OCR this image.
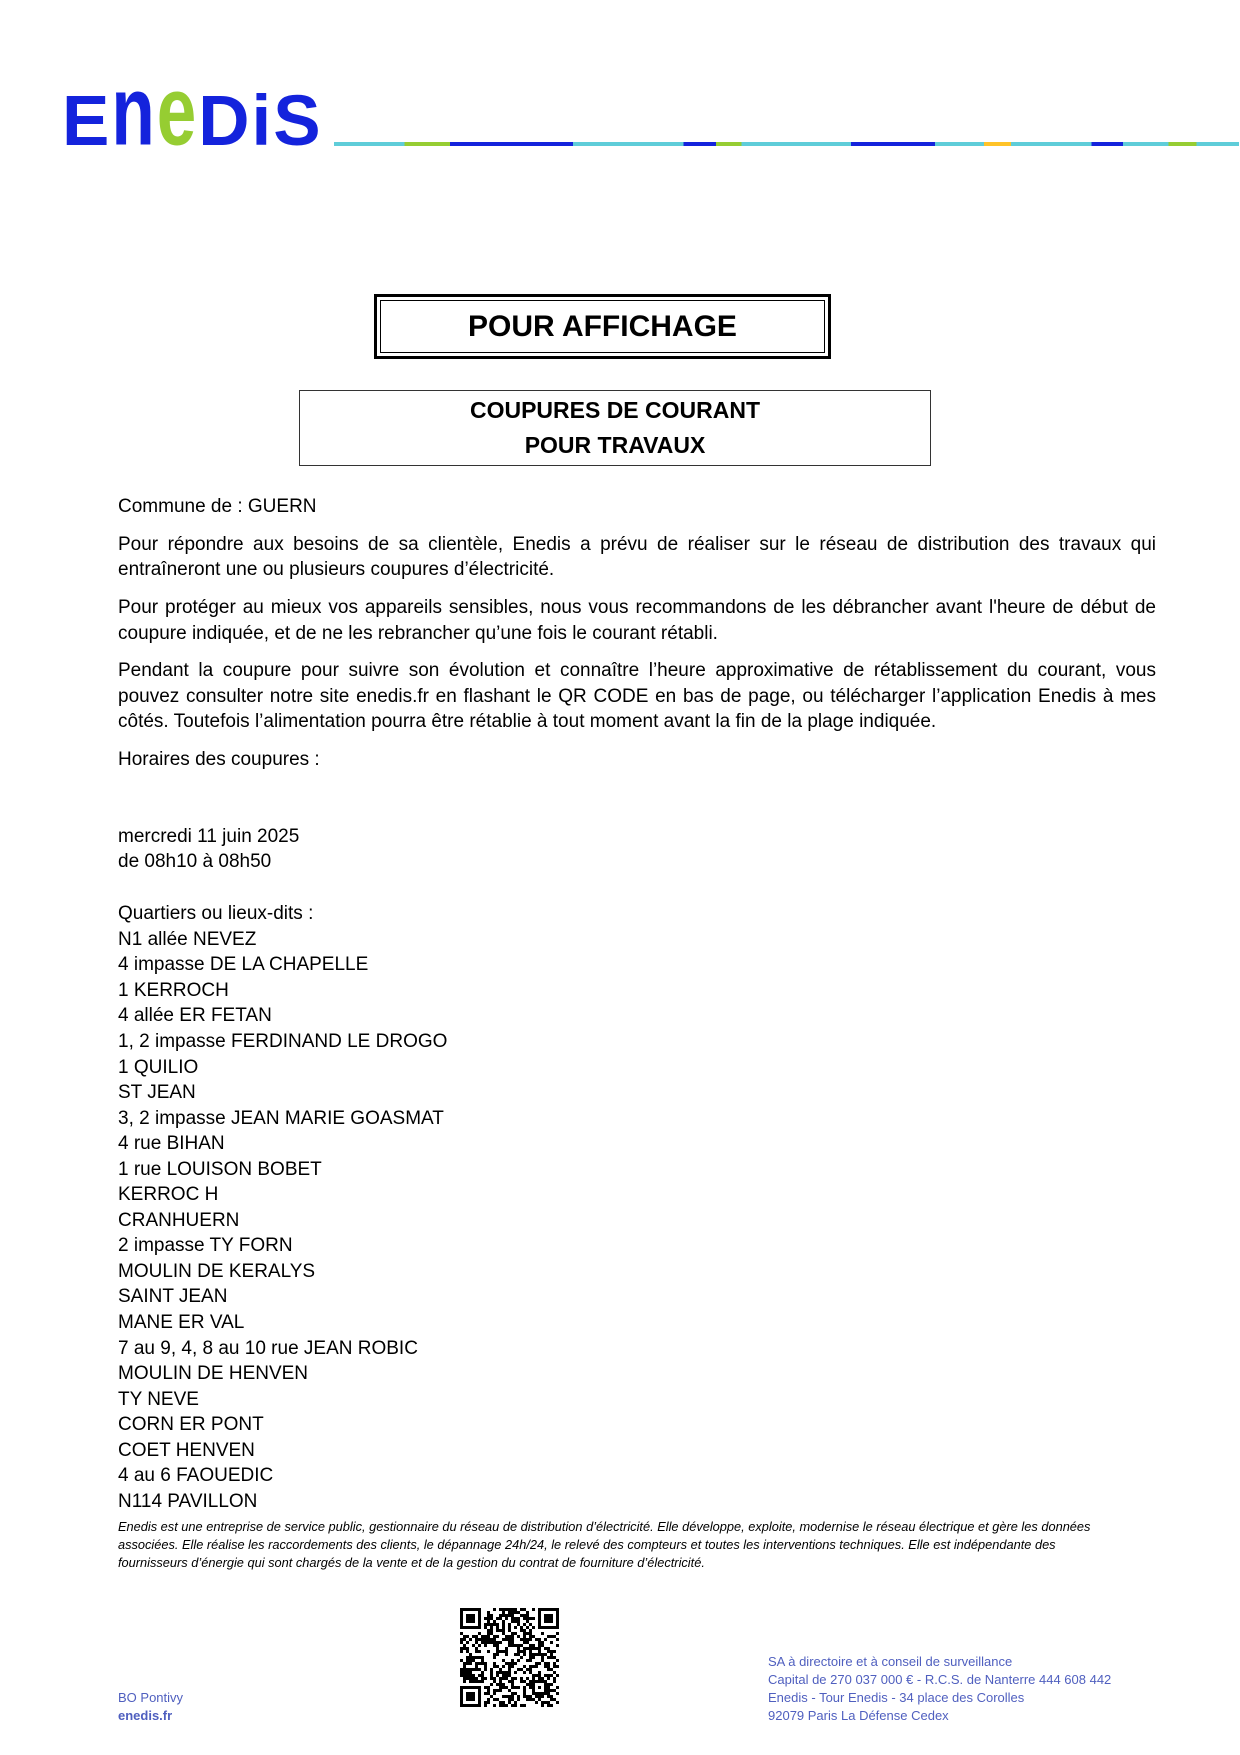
EneDiS
POUR AFFICHAGE
COUPURES DE COURANT
POUR TRAVAUX
Commune de : GUERN
Pour répondre aux besoins de sa clientèle, Enedis a prévu de réaliser sur le réseau de distribution des travaux qui
entraîneront une ou plusieurs coupures d’électricité.
Pour protéger au mieux vos appareils sensibles, nous vous recommandons de les débrancher avant l'heure de début de
coupure indiquée, et de ne les rebrancher qu’une fois le courant rétabli.
Pendant la coupure pour suivre son évolution et connaître l’heure approximative de rétablissement du courant, vous
pouvez consulter notre site enedis.fr en flashant le QR CODE en bas de page, ou télécharger l’application Enedis à mes
côtés. Toutefois l’alimentation pourra être rétablie à tout moment avant la fin de la plage indiquée.
Horaires des coupures :
mercredi 11 juin 2025
de 08h10 à 08h50
Quartiers ou lieux-dits :
N1 allée NEVEZ
4 impasse DE LA CHAPELLE
1 KERROCH
4 allée ER FETAN
1, 2 impasse FERDINAND LE DROGO
1 QUILIO
ST JEAN
3, 2 impasse JEAN MARIE GOASMAT
4 rue BIHAN
1 rue LOUISON BOBET
KERROC H
CRANHUERN
2 impasse TY FORN
MOULIN DE KERALYS
SAINT JEAN
MANE ER VAL
7 au 9, 4, 8 au 10 rue JEAN ROBIC
MOULIN DE HENVEN
TY NEVE
CORN ER PONT
COET HENVEN
4 au 6 FAOUEDIC
N114 PAVILLON
Enedis est une entreprise de service public, gestionnaire du réseau de distribution d’électricité. Elle développe, exploite, modernise le réseau électrique et gère les données
associées. Elle réalise les raccordements des clients, le dépannage 24h/24, le relevé des compteurs et toutes les interventions techniques. Elle est indépendante des
fournisseurs d’énergie qui sont chargés de la vente et de la gestion du contrat de fourniture d’électricité.
BO Pontivy
enedis.fr
SA à directoire et à conseil de surveillance
Capital de 270 037 000 € - R.C.S. de Nanterre 444 608 442
Enedis - Tour Enedis - 34 place des Corolles
92079 Paris La Défense Cedex
